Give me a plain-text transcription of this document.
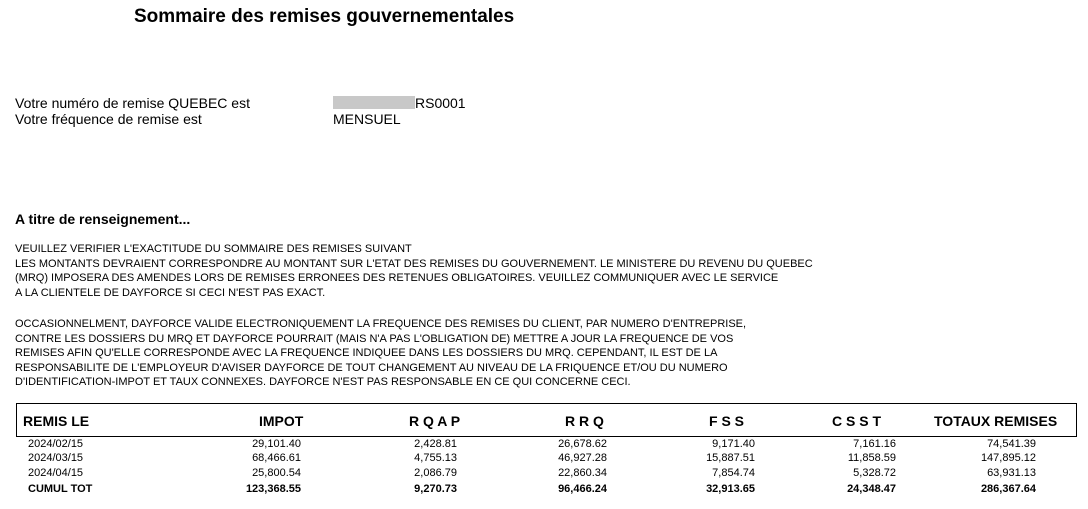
Sommaire des remises gouvernementales
Votre numéro de remise QUEBEC est	RS0001
Votre fréquence de remise est	MENSUEL
A titre de renseignement...
VEUILLEZ VERIFIER L'EXACTITUDE DU SOMMAIRE DES REMISES SUIVANT
LES MONTANTS DEVRAIENT CORRESPONDRE AU MONTANT SUR L'ETAT DES REMISES DU GOUVERNEMENT. LE MINISTERE DU REVENU DU QUEBEC
(MRQ) IMPOSERA DES AMENDES LORS DE REMISES ERRONEES DES RETENUES OBLIGATOIRES. VEUILLEZ COMMUNIQUER AVEC LE SERVICE
A LA CLIENTELE DE DAYFORCE SI CECI N'EST PAS EXACT.
OCCASIONNELMENT, DAYFORCE VALIDE ELECTRONIQUEMENT LA FREQUENCE DES REMISES DU CLIENT, PAR NUMERO D'ENTREPRISE,
CONTRE LES DOSSIERS DU MRQ ET DAYFORCE POURRAIT (MAIS N'A PAS L'OBLIGATION DE) METTRE A JOUR LA FREQUENCE DE VOS
REMISES AFIN QU'ELLE CORRESPONDE AVEC LA FREQUENCE INDIQUEE DANS LES DOSSIERS DU MRQ. CEPENDANT, IL EST DE LA
RESPONSABILITE DE L'EMPLOYEUR D'AVISER DAYFORCE DE TOUT CHANGEMENT AU NIVEAU DE LA FRIQUENCE ET/OU DU NUMERO
D'IDENTIFICATION-IMPOT ET TAUX CONNEXES. DAYFORCE N'EST PAS RESPONSABLE EN CE QUI CONCERNE CECI.
REMIS LE	IMPOT	R Q A P	R R Q	F S S	C S S T	TOTAUX REMISES
2024/02/15	29,101.40	2,428.81	26,678.62	9,171.40	7,161.16	74,541.39
2024/03/15	68,466.61	4,755.13	46,927.28	15,887.51	11,858.59	147,895.12
2024/04/15	25,800.54	2,086.79	22,860.34	7,854.74	5,328.72	63,931.13
CUMUL TOT	123,368.55	9,270.73	96,466.24	32,913.65	24,348.47	286,367.64
